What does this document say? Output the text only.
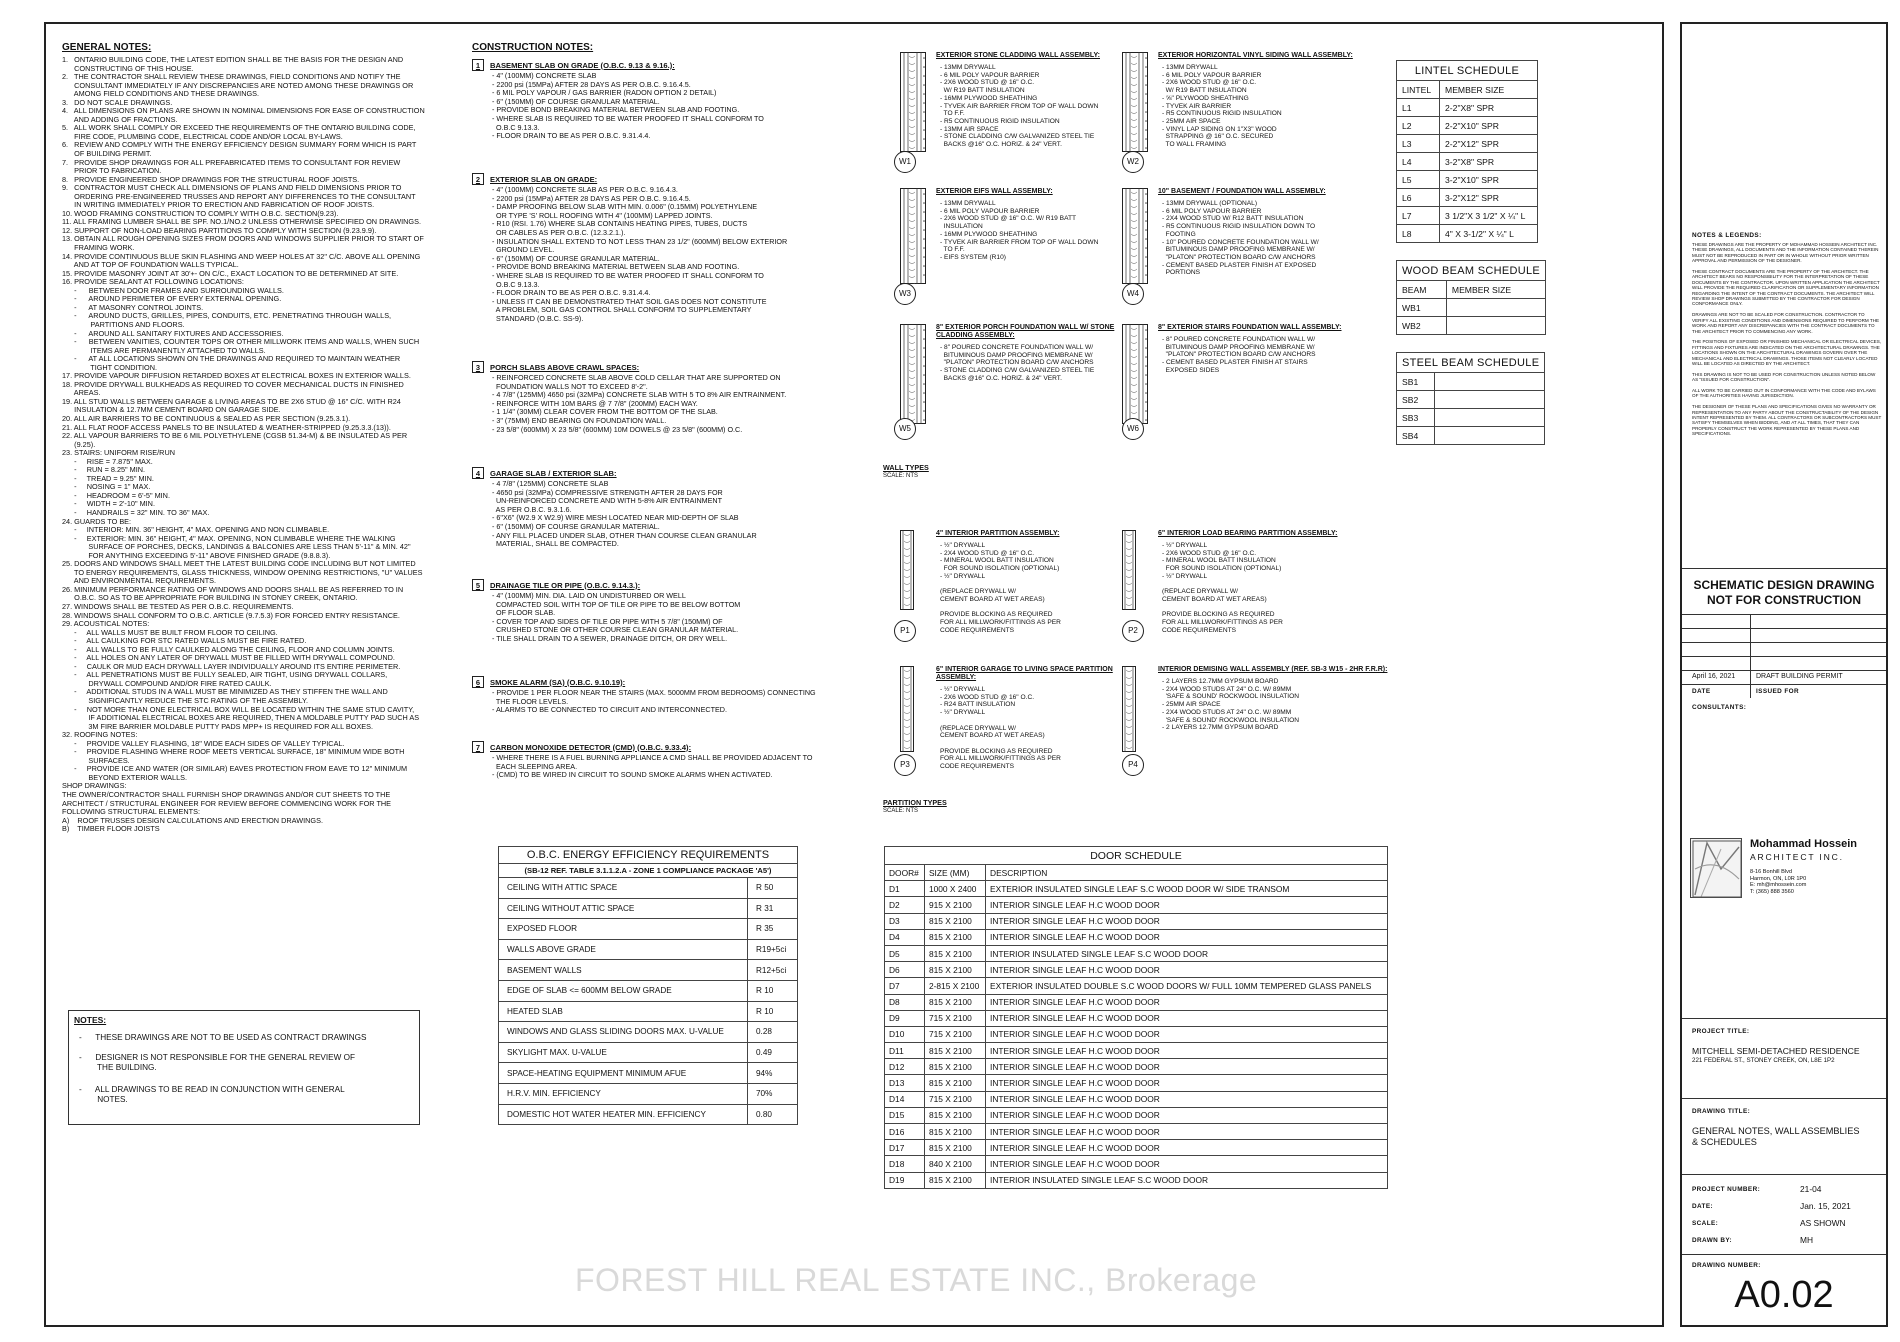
GENERAL NOTES:
1.   ONTARIO BUILDING CODE, THE LATEST EDITION SHALL BE THE BASIS FOR THE DESIGN AND
CONSTRUCTING OF THIS HOUSE.
2.   THE CONTRACTOR SHALL REVIEW THESE DRAWINGS, FIELD CONDITIONS AND NOTIFY THE
CONSULTANT IMMEDIATELY IF ANY DISCREPANCIES ARE NOTED AMONG THESE DRAWINGS OR
AMONG FIELD CONDITIONS AND THESE DRAWINGS.
3.   DO NOT SCALE DRAWINGS.
4.   ALL DIMENSIONS ON PLANS ARE SHOWN IN NOMINAL DIMENSIONS FOR EASE OF CONSTRUCTION
AND ADDING OF FRACTIONS.
5.   ALL WORK SHALL COMPLY OR EXCEED THE REQUIREMENTS OF THE ONTARIO BUILDING CODE,
FIRE CODE, PLUMBING CODE, ELECTRICAL CODE AND/OR LOCAL BY-LAWS.
6.   REVIEW AND COMPLY WITH THE ENERGY EFFICIENCY DESIGN SUMMARY FORM WHICH IS PART
OF BUILDING PERMIT.
7.   PROVIDE SHOP DRAWINGS FOR ALL PREFABRICATED ITEMS TO CONSULTANT FOR REVIEW
PRIOR TO FABRICATION.
8.   PROVIDE ENGINEERED SHOP DRAWINGS FOR THE STRUCTURAL ROOF JOISTS.
9.   CONTRACTOR MUST CHECK ALL DIMENSIONS OF PLANS AND FIELD DIMENSIONS PRIOR TO
ORDERING PRE-ENGINEERED TRUSSES AND REPORT ANY DIFFERENCES TO THE CONSULTANT
IN WRITING IMMEDIATELY PRIOR TO ERECTION AND FABRICATION OF ROOF JOISTS.
10. WOOD FRAMING CONSTRUCTION TO COMPLY WITH O.B.C. SECTION(9.23).
11. ALL FRAMING LUMBER SHALL BE SPF. NO.1/NO.2 UNLESS OTHERWISE SPECIFIED ON DRAWINGS.
12. SUPPORT OF NON-LOAD BEARING PARTITIONS TO COMPLY WITH SECTION (9.23.9.9).
13. OBTAIN ALL ROUGH OPENING SIZES FROM DOORS AND WINDOWS SUPPLIER PRIOR TO START OF
FRAMING WORK.
14. PROVIDE CONTINUOUS BLUE SKIN FLASHING AND WEEP HOLES AT 32" C/C. ABOVE ALL OPENING
AND AT TOP OF FOUNDATION WALLS TYPICAL.
15. PROVIDE MASONRY JOINT AT 30'+- ON C/C., EXACT LOCATION TO BE DETERMINED AT SITE.
16. PROVIDE SEALANT AT FOLLOWING LOCATIONS:
-      BETWEEN DOOR FRAMES AND SURROUNDING WALLS.
-      AROUND PERIMETER OF EVERY EXTERNAL OPENING.
-      AT MASONRY CONTROL JOINTS.
-      AROUND DUCTS, GRILLES, PIPES, CONDUITS, ETC. PENETRATING THROUGH WALLS,
PARTITIONS AND FLOORS.
-      AROUND ALL SANITARY FIXTURES AND ACCESSORIES.
-      BETWEEN VANITIES, COUNTER TOPS OR OTHER MILLWORK ITEMS AND WALLS, WHEN SUCH
ITEMS ARE PERMANENTLY ATTACHED TO WALLS.
-      AT ALL LOCATIONS SHOWN ON THE DRAWINGS AND REQUIRED TO MAINTAIN WEATHER
TIGHT CONDITION.
17. PROVIDE VAPOUR DIFFUSION RETARDED BOXES AT ELECTRICAL BOXES IN EXTERIOR WALLS.
18. PROVIDE DRYWALL BULKHEADS AS REQUIRED TO COVER MECHANICAL DUCTS IN FINISHED
AREAS.
19. ALL STUD WALLS BETWEEN GARAGE & LIVING AREAS TO BE 2X6 STUD @ 16" C/C. WITH R24
INSULATION & 12.7MM CEMENT BOARD ON GARAGE SIDE.
20. ALL AIR BARRIERS TO BE CONTINUOUS & SEALED AS PER SECTION (9.25.3.1).
21. ALL FLAT ROOF ACCESS PANELS TO BE INSULATED & WEATHER-STRIPPED (9.25.3.3.(13)).
22. ALL VAPOUR BARRIERS TO BE 6 MIL POLYETHYLENE (CGSB 51.34-M) & BE INSULATED AS PER
(9.25).
23. STAIRS: UNIFORM RISE/RUN
-     RISE = 7.875" MAX.
-     RUN = 8.25" MIN.
-     TREAD = 9.25" MIN.
-     NOSING = 1" MAX.
-     HEADROOM = 6'-5" MIN.
-     WIDTH = 2'-10" MIN.
-     HANDRAILS = 32" MIN. TO 36" MAX.
24. GUARDS TO BE:
-     INTERIOR: MIN. 36" HEIGHT, 4" MAX. OPENING AND NON CLIMBABLE.
-     EXTERIOR: MIN. 36" HEIGHT, 4" MAX. OPENING, NON CLIMBABLE WHERE THE WALKING
SURFACE OF PORCHES, DECKS, LANDINGS & BALCONIES ARE LESS THAN 5'-11" & MIN. 42"
FOR ANYTHING EXCEEDING 5'-11" ABOVE FINISHED GRADE (9.8.8.3).
25. DOORS AND WINDOWS SHALL MEET THE LATEST BUILDING CODE INCLUDING BUT NOT LIMITED
TO ENERGY REQUIREMENTS, GLASS THICKNESS, WINDOW OPENING RESTRICTIONS, "U" VALUES
AND ENVIRONMENTAL REQUIREMENTS.
26. MINIMUM PERFORMANCE RATING OF WINDOWS AND DOORS SHALL BE AS REFERRED TO IN
O.B.C. SO AS TO BE APPROPRIATE FOR BUILDING IN STONEY CREEK, ONTARIO.
27. WINDOWS SHALL BE TESTED AS PER O.B.C. REQUIREMENTS.
28. WINDOWS SHALL CONFORM TO O.B.C. ARTICLE (9.7.5.3) FOR FORCED ENTRY RESISTANCE.
29. ACOUSTICAL NOTES:
-     ALL WALLS MUST BE BUILT FROM FLOOR TO CEILING.
-     ALL CAULKING FOR STC RATED WALLS MUST BE FIRE RATED.
-     ALL WALLS TO BE FULLY CAULKED ALONG THE CEILING, FLOOR AND COLUMN JOINTS.
-     ALL HOLES ON ANY LATER OF DRYWALL MUST BE FILLED WITH DRYWALL COMPOUND.
-     CAULK OR MUD EACH DRYWALL LAYER INDIVIDUALLY AROUND ITS ENTIRE PERIMETER.
-     ALL PENETRATIONS MUST BE FULLY SEALED, AIR TIGHT, USING DRYWALL COLLARS,
DRYWALL COMPOUND AND/OR FIRE RATED CAULK.
-     ADDITIONAL STUDS IN A WALL MUST BE MINIMIZED AS THEY STIFFEN THE WALL AND
SIGNIFICANTLY REDUCE THE STC RATING OF THE ASSEMBLY.
-     NOT MORE THAN ONE ELECTRICAL BOX WILL BE LOCATED WITHIN THE SAME STUD CAVITY,
IF ADDITIONAL ELECTRICAL BOXES ARE REQUIRED, THEN A MOLDABLE PUTTY PAD SUCH AS
3M FIRE BARRIER MOLDABLE PUTTY PADS MPP+ IS REQUIRED FOR ALL BOXES.
32. ROOFING NOTES:
-     PROVIDE VALLEY FLASHING, 18" WIDE EACH SIDES OF VALLEY TYPICAL.
-     PROVIDE FLASHING WHERE ROOF MEETS VERTICAL SURFACE, 18" MINIMUM WIDE BOTH
SURFACES.
-     PROVIDE ICE AND WATER (OR SIMILAR) EAVES PROTECTION FROM EAVE TO 12" MINIMUM
BEYOND EXTERIOR WALLS.
SHOP DRAWINGS:
THE OWNER/CONTRACTOR SHALL FURNISH SHOP DRAWINGS AND/OR CUT SHEETS TO THE
ARCHITECT / STRUCTURAL ENGINEER FOR REVIEW BEFORE COMMENCING WORK FOR THE
FOLLOWING STRUCTURAL ELEMENTS:
A)    ROOF TRUSSES DESIGN CALCULATIONS AND ERECTION DRAWINGS.
B)    TIMBER FLOOR JOISTS
NOTES:
-      THESE DRAWINGS ARE NOT TO BE USED AS CONTRACT DRAWINGS
-      DESIGNER IS NOT RESPONSIBLE FOR THE GENERAL REVIEW OF
THE BUILDING.
-      ALL DRAWINGS TO BE READ IN CONJUNCTION WITH GENERAL
NOTES.
CONSTRUCTION NOTES:
1	BASEMENT SLAB ON GRADE (O.B.C. 9.13 & 9.16.):
- 4" (100MM) CONCRETE SLAB
- 2200 psi (15MPa) AFTER 28 DAYS AS PER O.B.C. 9.16.4.5.
- 6 MIL POLY VAPOUR / GAS BARRIER (RADON OPTION 2 DETAIL)
- 6" (150MM) OF COURSE GRANULAR MATERIAL.
- PROVIDE BOND BREAKING MATERIAL BETWEEN SLAB AND FOOTING.
- WHERE SLAB IS REQUIRED TO BE WATER PROOFED IT SHALL CONFORM TO
O.B.C 9.13.3.
- FLOOR DRAIN TO BE AS PER O.B.C. 9.31.4.4.
2	EXTERIOR SLAB ON GRADE:
- 4" (100MM) CONCRETE SLAB AS PER O.B.C. 9.16.4.3.
- 2200 psi (15MPa) AFTER 28 DAYS AS PER O.B.C. 9.16.4.5.
- DAMP PROOFING BELOW SLAB WITH MIN. 0.006" (0.15MM) POLYETHYLENE
OR TYPE 'S' ROLL ROOFING WITH 4" (100MM) LAPPED JOINTS.
- R10 (RSI. 1.76) WHERE SLAB CONTAINS HEATING PIPES, TUBES, DUCTS
OR CABLES AS PER O.B.C. (12.3.2.1.).
- INSULATION SHALL EXTEND TO NOT LESS THAN 23 1/2" (600MM) BELOW EXTERIOR
GROUND LEVEL.
- 6" (150MM) OF COURSE GRANULAR MATERIAL.
- PROVIDE BOND BREAKING MATERIAL BETWEEN SLAB AND FOOTING.
- WHERE SLAB IS REQUIRED TO BE WATER PROOFED IT SHALL CONFORM TO
O.B.C 9.13.3.
- FLOOR DRAIN TO BE AS PER O.B.C. 9.31.4.4.
- UNLESS IT CAN BE DEMONSTRATED THAT SOIL GAS DOES NOT CONSTITUTE
A PROBLEM, SOIL GAS CONTROL SHALL CONFORM TO SUPPLEMENTARY
STANDARD (O.B.C. SS-9).
3	PORCH SLABS ABOVE CRAWL SPACES:
- REINFORCED CONCRETE SLAB ABOVE COLD CELLAR THAT ARE SUPPORTED ON
FOUNDATION WALLS NOT TO EXCEED 8'-2".
- 4 7/8" (125MM) 4650 psi (32MPa) CONCRETE SLAB WITH 5 TO 8% AIR ENTRAINMENT.
- REINFORCE WITH 10M BARS @ 7 7/8" (200MM) EACH WAY.
- 1 1/4" (30MM) CLEAR COVER FROM THE BOTTOM OF THE SLAB.
- 3" (75MM) END BEARING ON FOUNDATION WALL.
- 23 5/8" (600MM) X 23 5/8" (600MM) 10M DOWELS @ 23 5/8" (600MM) O.C.
4	GARAGE SLAB / EXTERIOR SLAB:
- 4 7/8" (125MM) CONCRETE SLAB
- 4650 psi (32MPa) COMPRESSIVE STRENGTH AFTER 28 DAYS FOR
UN-REINFORCED CONCRETE AND WITH 5-8% AIR ENTRAINMENT
AS PER O.B.C. 9.3.1.6.
- 6"X6" (W2.9 X W2.9) WIRE MESH LOCATED NEAR MID-DEPTH OF SLAB
- 6" (150MM) OF COURSE GRANULAR MATERIAL.
- ANY FILL PLACED UNDER SLAB, OTHER THAN COURSE CLEAN GRANULAR
MATERIAL, SHALL BE COMPACTED.
5	DRAINAGE TILE OR PIPE (O.B.C. 9.14.3.):
- 4" (100MM) MIN. DIA. LAID ON UNDISTURBED OR WELL
COMPACTED SOIL WITH TOP OF TILE OR PIPE TO BE BELOW BOTTOM
OF FLOOR SLAB.
- COVER TOP AND SIDES OF TILE OR PIPE WITH 5 7/8" (150MM) OF
CRUSHED STONE OR OTHER COURSE CLEAN GRANULAR MATERIAL.
- TILE SHALL DRAIN TO A SEWER, DRAINAGE DITCH, OR DRY WELL.
6	SMOKE ALARM (SA) (O.B.C. 9.10.19):
- PROVIDE 1 PER FLOOR NEAR THE STAIRS (MAX. 5000MM FROM BEDROOMS) CONNECTING
THE FLOOR LEVELS.
- ALARMS TO BE CONNECTED TO CIRCUIT AND INTERCONNECTED.
7	CARBON MONOXIDE DETECTOR (CMD) (O.B.C. 9.33.4):
- WHERE THERE IS A FUEL BURNING APPLIANCE A CMD SHALL BE PROVIDED ADJACENT TO
EACH SLEEPING AREA.
- (CMD) TO BE WIRED IN CIRCUIT TO SOUND SMOKE ALARMS WHEN ACTIVATED.
O.B.C. ENERGY EFFICIENCY REQUIREMENTS	
(SB-12 REF. TABLE 3.1.1.2.A - ZONE 1 COMPLIANCE PACKAGE 'A5')	
CEILING WITH ATTIC SPACE	R 50
CEILING WITHOUT ATTIC SPACE	R 31
EXPOSED FLOOR	R 35
WALLS ABOVE GRADE	R19+5ci
BASEMENT WALLS	R12+5ci
EDGE OF SLAB <= 600MM BELOW GRADE	R 10
HEATED SLAB	R 10
WINDOWS AND GLASS SLIDING DOORS MAX. U-VALUE	0.28
SKYLIGHT MAX. U-VALUE	0.49
SPACE-HEATING EQUIPMENT MINIMUM AFUE	94%
H.R.V. MIN. EFFICIENCY	70%
DOMESTIC HOT WATER HEATER MIN. EFFICIENCY	0.80
EXTERIOR STONE CLADDING WALL ASSEMBLY:
- 13MM DRYWALL
- 6 MIL POLY VAPOUR BARRIER
- 2X6 WOOD STUD @ 16" O.C.
W/ R19 BATT INSULATION
- 16MM PLYWOOD SHEATHING
- TYVEK AIR BARRIER FROM TOP OF WALL DOWN
TO F.F.
- R5 CONTINUOUS RIGID INSULATION
- 13MM AIR SPACE
- STONE CLADDING C/W GALVANIZED STEEL TIE
BACKS @16" O.C. HORIZ. & 24" VERT.
W1
EXTERIOR HORIZONTAL VINYL SIDING WALL ASSEMBLY:
- 13MM DRYWALL
- 6 MIL POLY VAPOUR BARRIER
- 2X6 WOOD STUD @ 16" O.C.
W/ R19 BATT INSULATION
- ⅝" PLYWOOD SHEATHING
- TYVEK AIR BARRIER
- R5 CONTINUOUS RIGID INSULATION
- 25MM AIR SPACE
- VINYL LAP SIDING ON 1"X3" WOOD
STRAPPING @ 16" O.C. SECURED
TO WALL FRAMING
W2
EXTERIOR EIFS WALL ASSEMBLY:
- 13MM DRYWALL
- 6 MIL POLY VAPOUR BARRIER
- 2X6 WOOD STUD @ 16" O.C. W/ R19 BATT
INSULATION
- 16MM PLYWOOD SHEATHING
- TYVEK AIR BARRIER FROM TOP OF WALL DOWN
TO F.F.
- EIFS SYSTEM (R10)
W3
10" BASEMENT / FOUNDATION WALL ASSEMBLY:
- 13MM DRYWALL (OPTIONAL)
- 6 MIL POLY VAPOUR BARRIER
- 2X4 WOOD STUD W/ R12 BATT INSULATION
- R5 CONTINUOUS RIGID INSULATION DOWN TO
FOOTING
- 10" POURED CONCRETE FOUNDATION WALL W/
BITUMINOUS DAMP PROOFING MEMBRANE W/
"PLATON" PROTECTION BOARD C/W ANCHORS
- CEMENT BASED PLASTER FINISH AT EXPOSED
PORTIONS
W4
8" EXTERIOR PORCH FOUNDATION WALL W/ STONE
CLADDING ASSEMBLY:
- 8" POURED CONCRETE FOUNDATION WALL W/
BITUMINOUS DAMP PROOFING MEMBRANE W/
"PLATON" PROTECTION BOARD C/W ANCHORS
- STONE CLADDING C/W GALVANIZED STEEL TIE
BACKS @16" O.C. HORIZ. & 24" VERT.
W5
8" EXTERIOR STAIRS FOUNDATION WALL ASSEMBLY:
- 8" POURED CONCRETE FOUNDATION WALL W/
BITUMINOUS DAMP PROOFING MEMBRANE W/
"PLATON" PROTECTION BOARD C/W ANCHORS
- CEMENT BASED PLASTER FINISH AT STAIRS
EXPOSED SIDES
W6
4" INTERIOR PARTITION ASSEMBLY:
- ½" DRYWALL
- 2X4 WOOD STUD @ 16" O.C.
- MINERAL WOOL BATT INSULATION
FOR SOUND ISOLATION (OPTIONAL)
- ½" DRYWALL

(REPLACE DRYWALL W/
CEMENT BOARD AT WET AREAS)

PROVIDE BLOCKING AS REQUIRED
FOR ALL MILLWORK/FITTINGS AS PER
CODE REQUIREMENTS
P1
6" INTERIOR LOAD BEARING PARTITION ASSEMBLY:
- ½" DRYWALL
- 2X6 WOOD STUD @ 16" O.C.
- MINERAL WOOL BATT INSULATION
FOR SOUND ISOLATION (OPTIONAL)
- ½" DRYWALL

(REPLACE DRYWALL W/
CEMENT BOARD AT WET AREAS)

PROVIDE BLOCKING AS REQUIRED
FOR ALL MILLWORK/FITTINGS AS PER
CODE REQUIREMENTS
P2
6" INTERIOR GARAGE TO LIVING SPACE PARTITION
ASSEMBLY:
- ½" DRYWALL
- 2X6 WOOD STUD @ 16" O.C.
- R24 BATT INSULATION
- ½" DRYWALL

(REPLACE DRYWALL W/
CEMENT BOARD AT WET AREAS)

PROVIDE BLOCKING AS REQUIRED
FOR ALL MILLWORK/FITTINGS AS PER
CODE REQUIREMENTS
P3
INTERIOR DEMISING WALL ASSEMBLY (REF. SB-3 W15 - 2HR F.R.R):
- 2 LAYERS 12.7MM GYPSUM BOARD
- 2X4 WOOD STUDS AT 24" O.C. W/ 89MM
'SAFE & SOUND' ROCKWOOL INSULATION
- 25MM AIR SPACE
- 2X4 WOOD STUDS AT 24" O.C. W/ 89MM
'SAFE & SOUND' ROCKWOOL INSULATION
- 2 LAYERS 12.7MM GYPSUM BOARD
P4
WALL TYPES
SCALE: NTS
PARTITION TYPES
SCALE: NTS
DOOR SCHEDULE		
DOOR#	SIZE (MM)	DESCRIPTION
D1	1000 X 2400	EXTERIOR INSULATED SINGLE LEAF S.C WOOD DOOR W/ SIDE TRANSOM
D2	915 X 2100	INTERIOR SINGLE LEAF H.C WOOD DOOR
D3	815 X 2100	INTERIOR SINGLE LEAF H.C WOOD DOOR
D4	815 X 2100	INTERIOR SINGLE LEAF H.C WOOD DOOR
D5	815 X 2100	INTERIOR INSULATED SINGLE LEAF S.C WOOD DOOR
D6	815 X 2100	INTERIOR SINGLE LEAF H.C WOOD DOOR
D7	2-815 X 2100	EXTERIOR INSULATED DOUBLE S.C WOOD DOORS W/ FULL 10MM TEMPERED GLASS PANELS
D8	815 X 2100	INTERIOR SINGLE LEAF H.C WOOD DOOR
D9	715 X 2100	INTERIOR SINGLE LEAF H.C WOOD DOOR
D10	715 X 2100	INTERIOR SINGLE LEAF H.C WOOD DOOR
D11	815 X 2100	INTERIOR SINGLE LEAF H.C WOOD DOOR
D12	815 X 2100	INTERIOR SINGLE LEAF H.C WOOD DOOR
D13	815 X 2100	INTERIOR SINGLE LEAF H.C WOOD DOOR
D14	715 X 2100	INTERIOR SINGLE LEAF H.C WOOD DOOR
D15	815 X 2100	INTERIOR SINGLE LEAF H.C WOOD DOOR
D16	815 X 2100	INTERIOR SINGLE LEAF H.C WOOD DOOR
D17	815 X 2100	INTERIOR SINGLE LEAF H.C WOOD DOOR
D18	840 X 2100	INTERIOR SINGLE LEAF H.C WOOD DOOR
D19	815 X 2100	INTERIOR INSULATED SINGLE LEAF S.C WOOD DOOR
LINTEL SCHEDULE	
LINTEL	MEMBER SIZE
L1	2-2"X8" SPR
L2	2-2"X10" SPR
L3	2-2"X12" SPR
L4	3-2"X8" SPR
L5	3-2"X10" SPR
L6	3-2"X12" SPR
L7	3 1/2"X 3 1/2" X ¼" L
L8	4" X 3-1/2" X ¼" L
WOOD BEAM SCHEDULE	
BEAM	MEMBER SIZE
WB1	
WB2	
STEEL BEAM SCHEDULE	
SB1	
SB2	
SB3	
SB4	
NOTES & LEGENDS:
THESE DRAWINGS ARE THE PROPERTY OF MOHAMMAD HOSSEIN ARCHITECT INC.
THESE DRAWINGS, ALL DOCUMENTS AND THE INFORMATION CONTAINED THEREIN
MUST NOT BE REPRODUCED IN PART OR IN WHOLE WITHOUT PRIOR WRITTEN
APPROVAL AND PERMISSION OF THE DESIGNER.

THESE CONTRACT DOCUMENTS ARE THE PROPERTY OF THE ARCHITECT. THE
ARCHITECT BEARS NO RESPONSIBILITY FOR THE INTERPRETATION OF THESE
DOCUMENTS BY THE CONTRACTOR. UPON WRITTEN APPLICATION THE ARCHITECT
WILL PROVIDE THE REQUIRED CLARIFICATION OR SUPPLEMENTARY INFORMATION
REGARDING THE INTENT OF THE CONTRACT DOCUMENTS. THE ARCHITECT WILL
REVIEW SHOP DRAWINGS SUBMITTED BY THE CONTRACTOR FOR DESIGN
CONFORMANCE ONLY.

DRAWINGS ARE NOT TO BE SCALED FOR CONSTRUCTION. CONTRACTOR TO
VERIFY ALL EXISTING CONDITIONS AND DIMENSIONS REQUIRED TO PERFORM THE
WORK AND REPORT ANY DISCREPANCIES WITH THE CONTRACT DOCUMENTS TO
THE ARCHITECT PRIOR TO COMMENCING ANY WORK.

THE POSITIONS OF EXPOSED OR FINISHED MECHANICAL OR ELECTRICAL DEVICES,
FITTINGS AND FIXTURES ARE INDICATED ON THE ARCHITECTURAL DRAWINGS. THE
LOCATIONS SHOWN ON THE ARCHITECTURAL DRAWINGS GOVERN OVER THE
MECHANICAL AND ELECTRICAL DRAWINGS. THOSE ITEMS NOT CLEARLY LOCATED
WILL BE LOCATED AS DIRECTED BY THE ARCHITECT.

THIS DRAWING IS NOT TO BE USED FOR CONSTRUCTION UNLESS NOTED BELOW
AS "ISSUED FOR CONSTRUCTION".

ALL WORK TO BE CARRIED OUT IN CONFORMANCE WITH THE CODE AND BYLAWS
OF THE AUTHORITIES HAVING JURISDICTION.

THE DESIGNER OF THESE PLANS AND SPECIFICATIONS GIVES NO WARRANTY OR
REPRESENTATION TO ANY PARTY ABOUT THE CONSTRUCTABILITY OF THE DESIGN
INTENT REPRESENTED BY THEM. ALL CONTRACTORS OR SUBCONTRACTORS MUST
SATISFY THEMSELVES WHEN BIDDING, AND AT ALL TIMES, THAT THEY CAN
PROPERLY CONSTRUCT THE WORK REPRESENTED BY THESE PLANS AND
SPECIFICATIONS.
SCHEMATIC DESIGN DRAWING
NOT FOR CONSTRUCTION
April 16, 2021	DRAFT BUILDING PERMIT
DATE	ISSUED FOR
CONSULTANTS:
Mohammad Hossein
ARCHITECT INC.
8-16 Bonhill Blvd
Harmon, ON, L0R 1P0
E: mh@mhossein.com
T: (365) 888 3560
PROJECT TITLE:
MITCHELL SEMI-DETACHED RESIDENCE
221 FEDERAL ST., STONEY CREEK, ON, L8E 1P2
DRAWING TITLE:
GENERAL NOTES, WALL ASSEMBLIES
& SCHEDULES
PROJECT NUMBER:	21-04
DATE:	Jan. 15, 2021
SCALE:	AS SHOWN
DRAWN BY:	MH
DRAWING NUMBER:
A0.02
FOREST HILL REAL ESTATE INC., Brokerage
